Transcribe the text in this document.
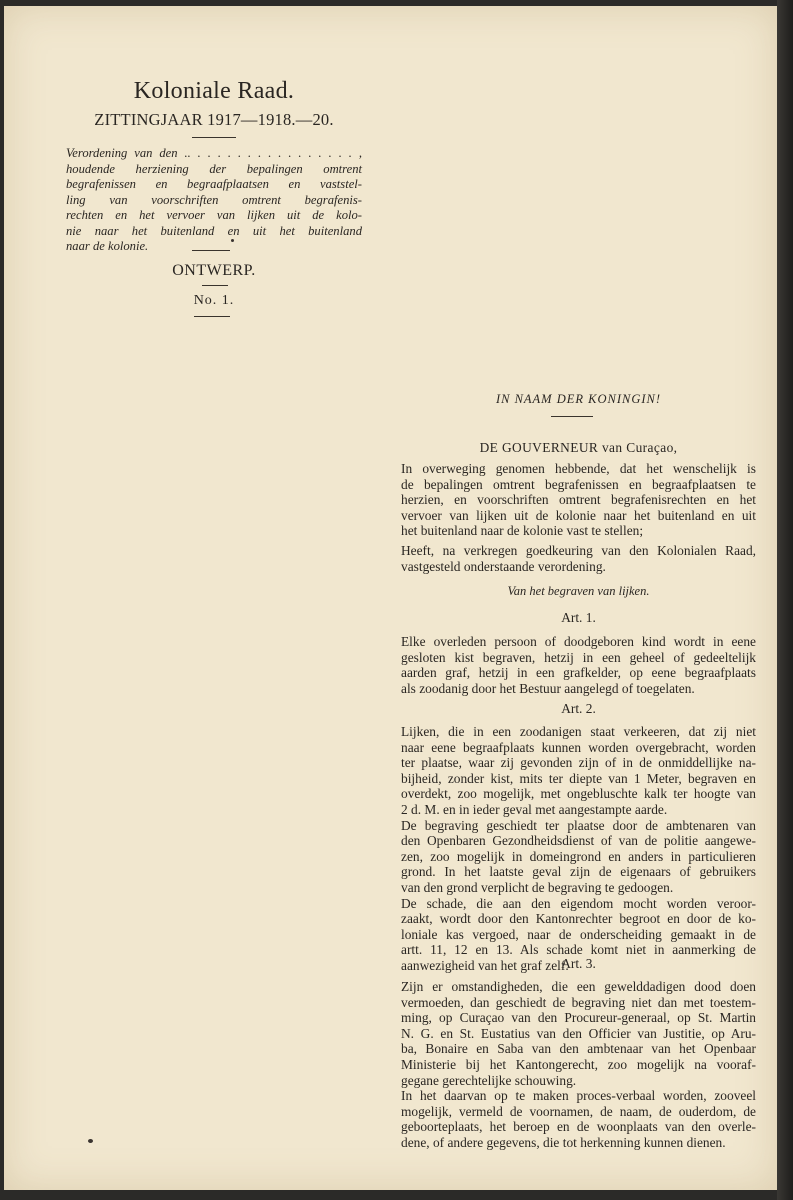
Koloniale Raad.
ZITTINGJAAR 1917—1918.—20.
Verordening van den .. . . . . . . . . . . . . . . . . ,
houdende herziening der bepalingen omtrent
begrafenissen en begraafplaatsen en vaststel-
ling van voorschriften omtrent begrafenis-
rechten en het vervoer van lijken uit de kolo-
nie naar het buitenland en uit het buitenland
naar de kolonie.
ONTWERP.
No. 1.
IN NAAM DER KONINGIN!
DE GOUVERNEUR van Curaçao,
In overweging genomen hebbende, dat het wenschelijk is
de bepalingen omtrent begrafenissen en begraafplaatsen te
herzien, en voorschriften omtrent begrafenisrechten en het
vervoer van lijken uit de kolonie naar het buitenland en uit
het buitenland naar de kolonie vast te stellen;
Heeft, na verkregen goedkeuring van den Kolonialen Raad,
vastgesteld onderstaande verordening.
Van het begraven van lijken.
Art. 1.
Elke overleden persoon of doodgeboren kind wordt in eene
gesloten kist begraven, hetzij in een geheel of gedeeltelijk
aarden graf, hetzij in een grafkelder, op eene begraafplaats
als zoodanig door het Bestuur aangelegd of toegelaten.
Art. 2.
Lijken, die in een zoodanigen staat verkeeren, dat zij niet
naar eene begraafplaats kunnen worden overgebracht, worden
ter plaatse, waar zij gevonden zijn of in de onmiddellijke na-
bijheid, zonder kist, mits ter diepte van 1 Meter, begraven en
overdekt, zoo mogelijk, met ongebluschte kalk ter hoogte van
2 d. M. en in ieder geval met aangestampte aarde.
De begraving geschiedt ter plaatse door de ambtenaren van
den Openbaren Gezondheidsdienst of van de politie aangewe-
zen, zoo mogelijk in domeingrond en anders in particulieren
grond. In het laatste geval zijn de eigenaars of gebruikers
van den grond verplicht de begraving te gedoogen.
De schade, die aan den eigendom mocht worden veroor-
zaakt, wordt door den Kantonrechter begroot en door de ko-
loniale kas vergoed, naar de onderscheiding gemaakt in de
artt. 11, 12 en 13. Als schade komt niet in aanmerking de
aanwezigheid van het graf zelf.
Art. 3.
Zijn er omstandigheden, die een gewelddadigen dood doen
vermoeden, dan geschiedt de begraving niet dan met toestem-
ming, op Curaçao van den Procureur-generaal, op St. Martin
N. G. en St. Eustatius van den Officier van Justitie, op Aru-
ba, Bonaire en Saba van den ambtenaar van het Openbaar
Ministerie bij het Kantongerecht, zoo mogelijk na vooraf-
gegane gerechtelijke schouwing.
In het daarvan op te maken proces-verbaal worden, zooveel
mogelijk, vermeld de voornamen, de naam, de ouderdom, de
geboorteplaats, het beroep en de woonplaats van den overle-
dene, of andere gegevens, die tot herkenning kunnen dienen.
